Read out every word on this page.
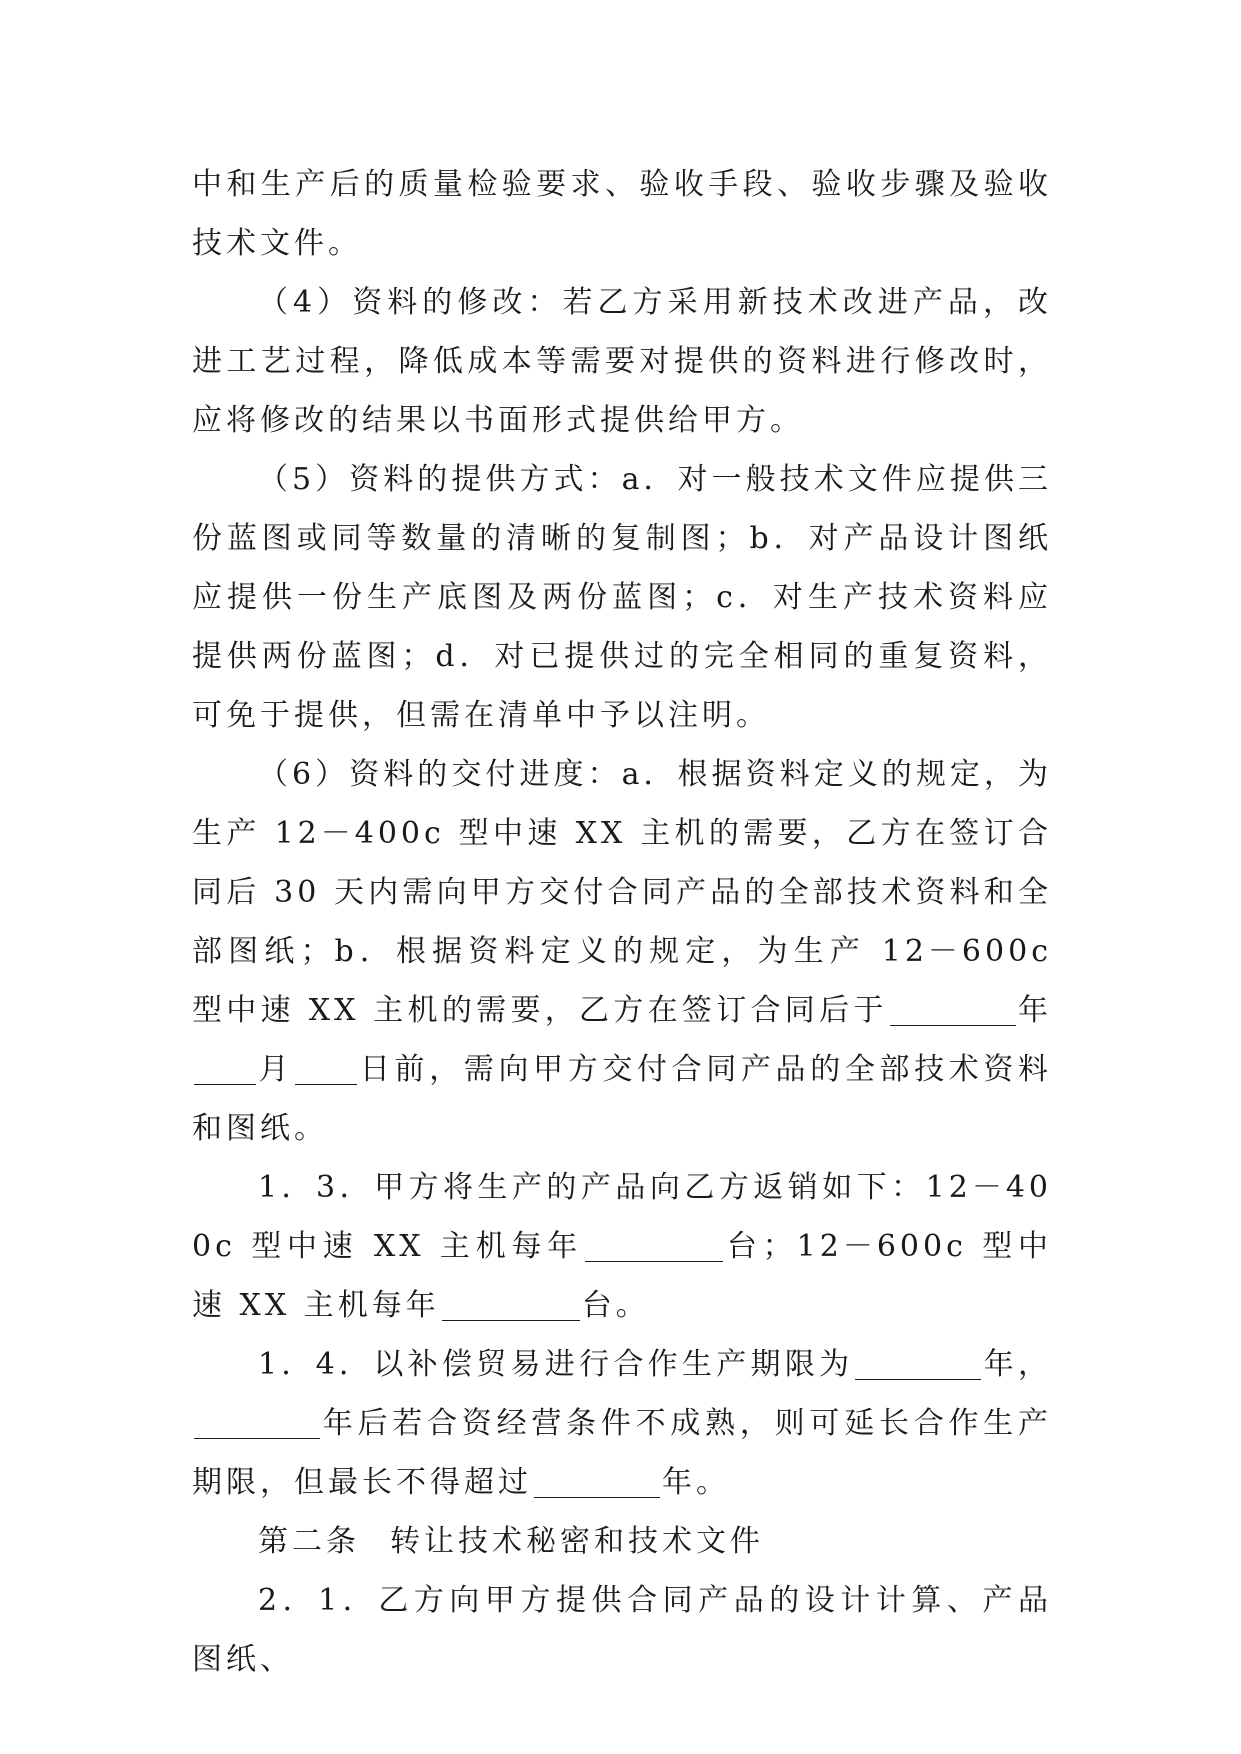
中和生产后的质量检验要求、验收手段、验收步骤及验收技术文件。

（4）资料的修改：若乙方采用新技术改进产品，改进工艺过程，降低成本等需要对提供的资料进行修改时，应将修改的结果以书面形式提供给甲方。

（5）资料的提供方式：a．对一般技术文件应提供三份蓝图或同等数量的清晰的复制图；b．对产品设计图纸应提供一份生产底图及两份蓝图；c．对生产技术资料应提供两份蓝图；d．对已提供过的完全相同的重复资料，可免于提供，但需在清单中予以注明。

（6）资料的交付进度：a．根据资料定义的规定，为生产 12－400c 型中速 XX 主机的需要，乙方在签订合同后 30 天内需向甲方交付合同产品的全部技术资料和全部图纸；b．根据资料定义的规定，为生产 12－600c 型中速 XX 主机的需要，乙方在签订合同后于	年月 日前，需向甲方交付合同产品的全部技术资料和图纸。

1．3．甲方将生产的产品向乙方返销如下：12－400c 型中速 XX 主机每年	台；12－600c 型中速 XX 主机每年	台。

1．4．以补偿贸易进行合作生产期限为	年，年后若合资经营条件不成熟，则可延长合作生产期限，但最长不得超过	年。

第二条 转让技术秘密和技术文件

2．1．乙方向甲方提供合同产品的设计计算、产品图纸、
